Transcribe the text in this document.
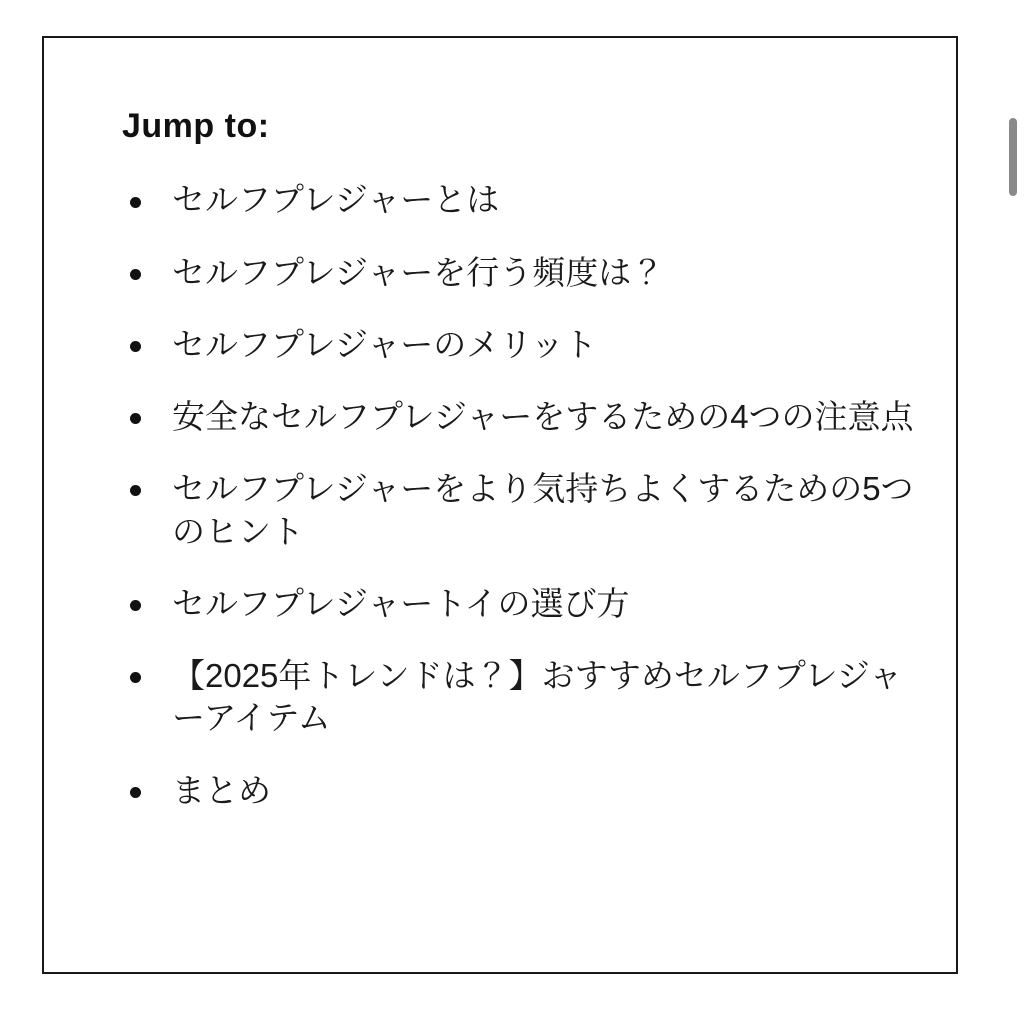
Jump to:
セルフプレジャーとは
セルフプレジャーを行う頻度は？
セルフプレジャーのメリット
安全なセルフプレジャーをするための4つの注意点
セルフプレジャーをより気持ちよくするための5つのヒント
セルフプレジャートイの選び方
【2025年トレンドは？】おすすめセルフプレジャーアイテム
まとめ
